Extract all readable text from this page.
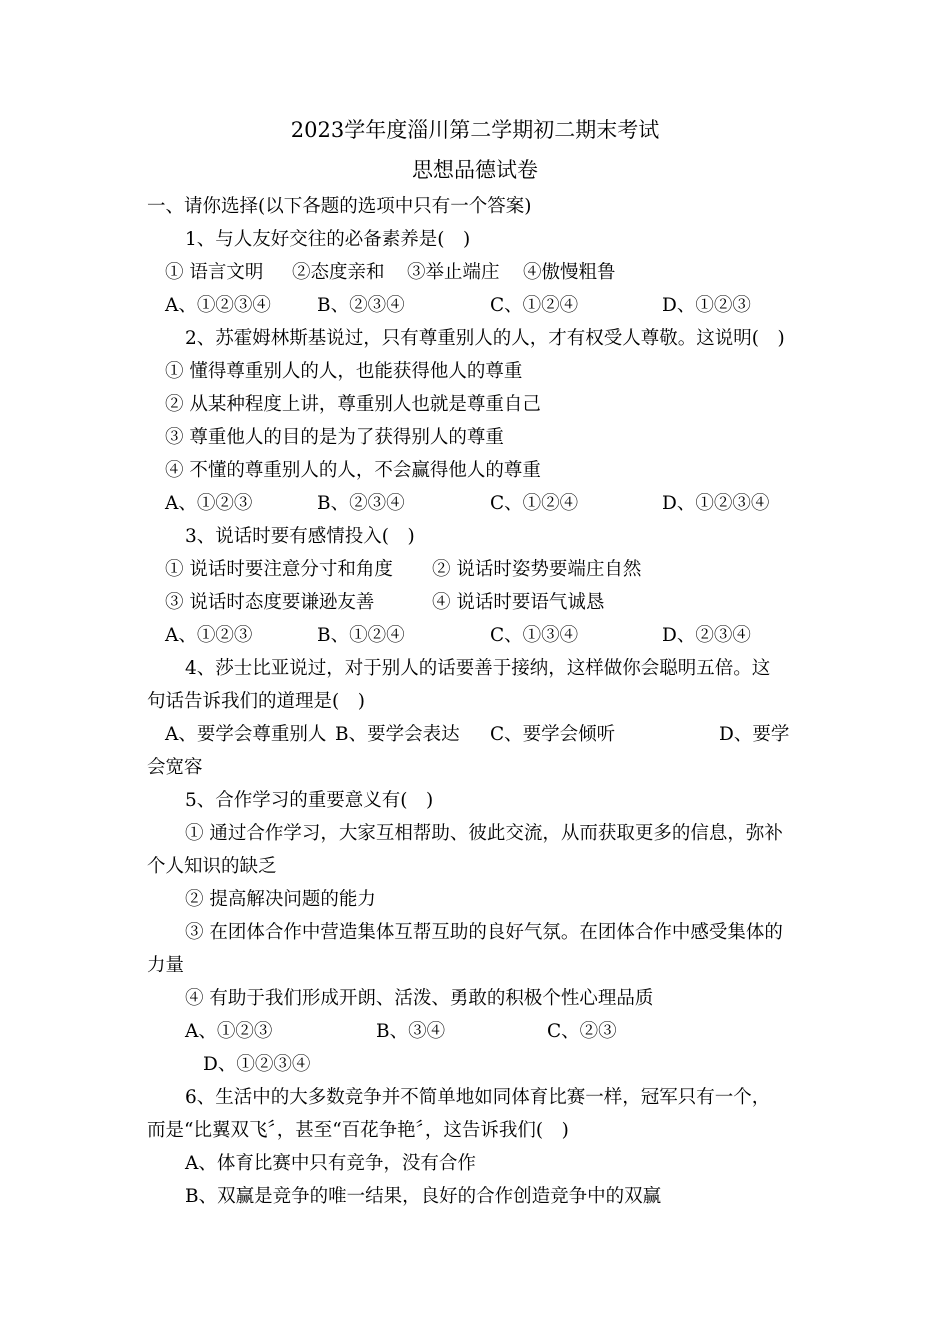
2023学年度淄川第二学期初二期末考试
思想品德试卷
一、请你选择(以下各题的选项中只有一个答案)
1、与人友好交往的必备素养是(　)
① 语言文明 ②态度亲和 ③举止端庄 ④傲慢粗鲁
A、①②③④ B、②③④	C、①②④	D、①②③
2、苏霍姆林斯基说过，只有尊重别人的人，才有权受人尊敬。这说明(　)
① 懂得尊重别人的人，也能获得他人的尊重
② 从某种程度上讲，尊重别人也就是尊重自己
③ 尊重他人的目的是为了获得别人的尊重
④ 不懂的尊重别人的人，不会赢得他人的尊重
A、①②③	B、②③④	C、①②④	D、①②③④
3、说话时要有感情投入(　)
① 说话时要注意分寸和角度 ② 说话时姿势要端庄自然
③ 说话时态度要谦逊友善	④ 说话时要语气诚恳
A、①②③	B、①②④	C、①③④	D、②③④
4、莎士比亚说过，对于别人的话要善于接纳，这样做你会聪明五倍。这
句话告诉我们的道理是(　)
A、要学会尊重别人 B、要学会表达 C、要学会倾听	D、要学
会宽容
5、合作学习的重要意义有(　)
① 通过合作学习，大家互相帮助、彼此交流，从而获取更多的信息，弥补
个人知识的缺乏
② 提高解决问题的能力
③ 在团体合作中营造集体互帮互助的良好气氛。在团体合作中感受集体的
力量
④ 有助于我们形成开朗、活泼、勇敢的积极个性心理品质
A、①②③	B、③④	C、②③
D、①②③④
6、生活中的大多数竞争并不简单地如同体育比赛一样，冠军只有一个，
而是“比翼双飞〞，甚至“百花争艳〞，这告诉我们(　)
A、体育比赛中只有竞争，没有合作
B、双赢是竞争的唯一结果，良好的合作创造竞争中的双赢
